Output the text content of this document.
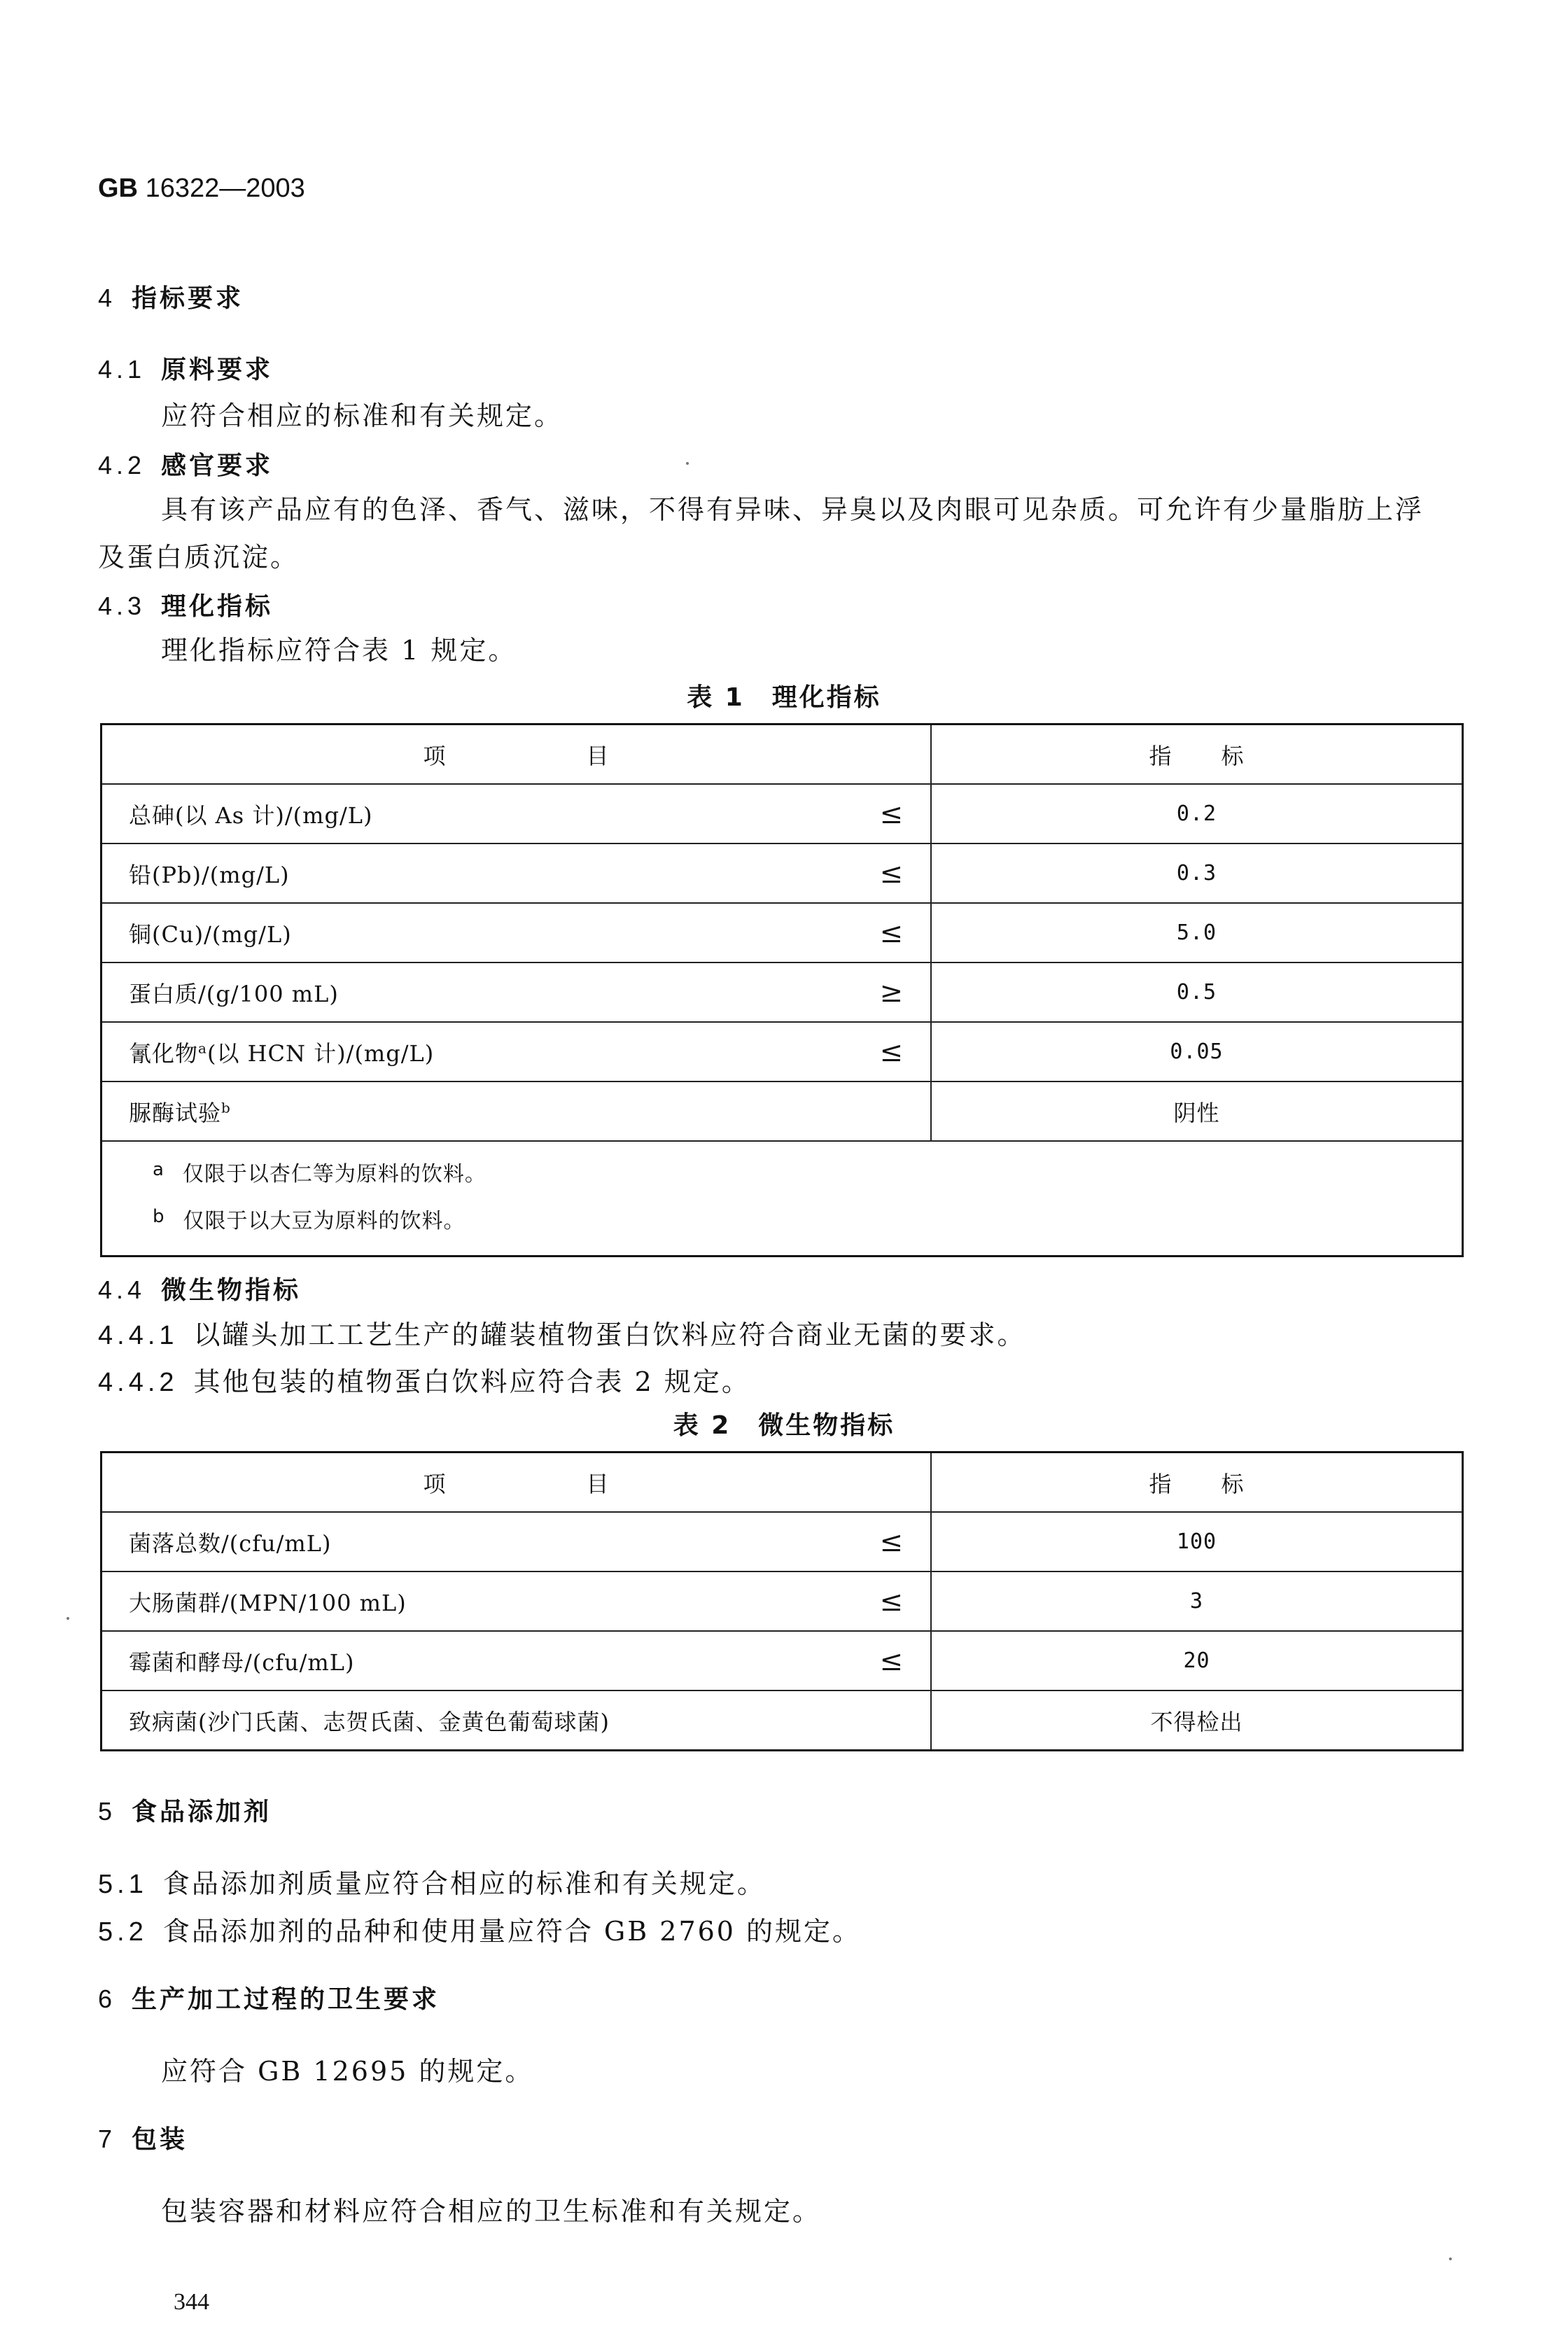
GB 16322—2003
4 指标要求
4.1 原料要求
应符合相应的标准和有关规定。
4.2 感官要求
具有该产品应有的色泽、香气、滋味，不得有异味、异臭以及肉眼可见杂质。可允许有少量脂肪上浮
及蛋白质沉淀。
4.3 理化指标
理化指标应符合表 1 规定。
表 1　理化指标
项 目	指 标
总砷(以 As 计)/(mg/L) ≤	0.2
铅(Pb)/(mg/L) ≤	0.3
铜(Cu)/(mg/L) ≤	5.0
蛋白质/(g/100 mL) ≥	0.5
氰化物$^a$(以 HCN 计)/(mg/L) ≤	0.05
脲酶试验$^b$	阴性

a 仅限于以杏仁等为原料的饮料。
b 仅限于以大豆为原料的饮料。	
4.4 微生物指标
4.4.1 以罐头加工工艺生产的罐装植物蛋白饮料应符合商业无菌的要求。
4.4.2 其他包装的植物蛋白饮料应符合表 2 规定。
表 2　微生物指标
项 目	指 标
菌落总数/(cfu/mL) ≤	100
大肠菌群/(MPN/100 mL) ≤	3
霉菌和酵母/(cfu/mL) ≤	20
致病菌(沙门氏菌、志贺氏菌、金黄色葡萄球菌)	不得检出
5 食品添加剂
5.1 食品添加剂质量应符合相应的标准和有关规定。
5.2 食品添加剂的品种和使用量应符合 GB 2760 的规定。
6 生产加工过程的卫生要求
应符合 GB 12695 的规定。
7 包装
包装容器和材料应符合相应的卫生标准和有关规定。
344
